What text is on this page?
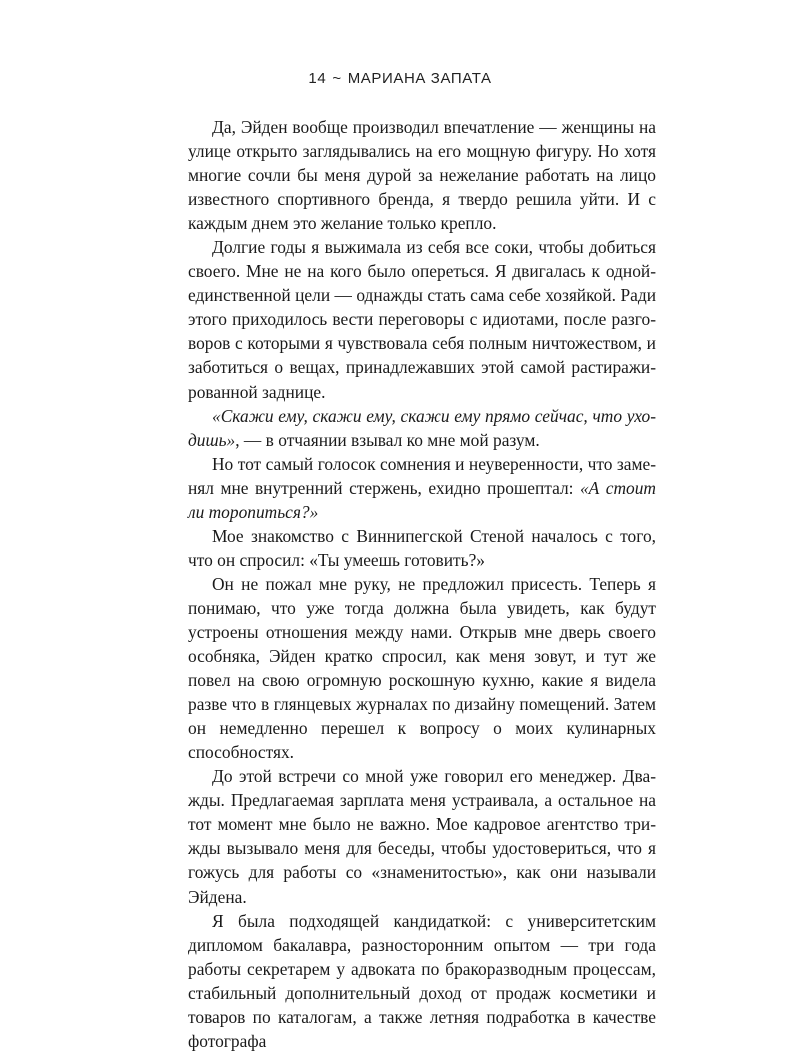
14 ~ МАРИАНА ЗАПАТА

Да, Эйден вообще производил впечатление — женщины на улице открыто заглядывались на его мощную фигуру. Но хотя многие сочли бы меня дурой за нежелание работать на лицо известного спортивного бренда, я твердо решила уйти. И с каждым днем это желание только крепло.

Долгие годы я выжимала из себя все соки, чтобы добиться своего. Мне не на кого было опереться. Я двигалась к одной-единственной цели — однажды стать сама себе хозяйкой. Ради этого приходилось вести переговоры с идиотами, после разговоров с которыми я чувствовала себя полным ничтожеством, и заботиться о вещах, принадлежавших этой самой растиражированной заднице.

«Скажи ему, скажи ему, скажи ему прямо сейчас, что уходишь», — в отчаянии взывал ко мне мой разум.

Но тот самый голосок сомнения и неуверенности, что заменял мне внутренний стержень, ехидно прошептал: «А стоит ли торопиться?»

Мое знакомство с Виннипегской Стеной началось с того, что он спросил: «Ты умеешь готовить?»

Он не пожал мне руку, не предложил присесть. Теперь я понимаю, что уже тогда должна была увидеть, как будут устроены отношения между нами. Открыв мне дверь своего особняка, Эйден кратко спросил, как меня зовут, и тут же повел на свою огромную роскошную кухню, какие я видела разве что в глянцевых журналах по дизайну помещений. Затем он немедленно перешел к вопросу о моих кулинарных способностях.

До этой встречи со мной уже говорил его менеджер. Дважды. Предлагаемая зарплата меня устраивала, а остальное на тот момент мне было не важно. Мое кадровое агентство трижды вызывало меня для беседы, чтобы удостовериться, что я гожусь для работы со «знаменитостью», как они называли Эйдена.

Я была подходящей кандидаткой: с университетским дипломом бакалавра, разносторонним опытом — три года работы секретарем у адвоката по бракоразводным процессам, стабильный дополнительный доход от продаж косметики и товаров по каталогам, а также летняя подработка в качестве фотографа
